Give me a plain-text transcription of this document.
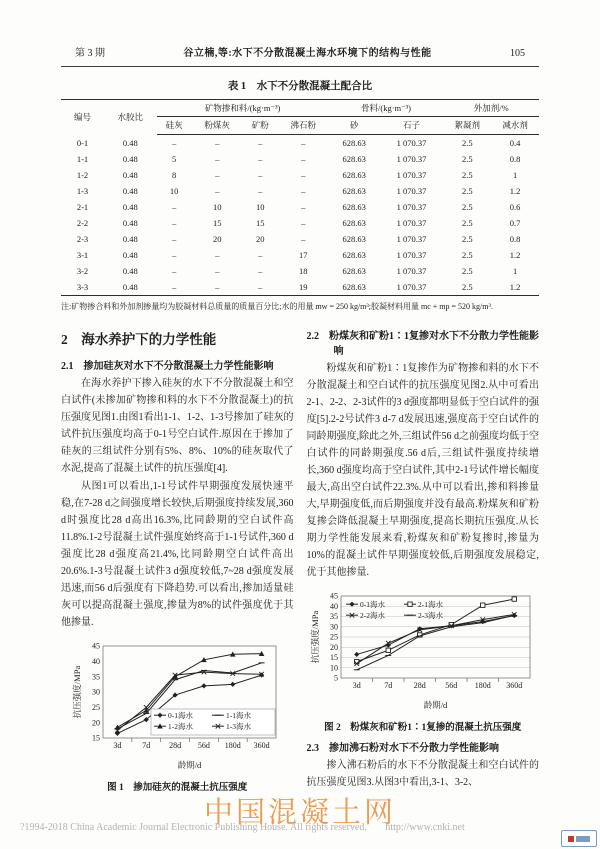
第 3 期	谷立楠,等:水下不分散混凝土海水环境下的结构与性能	105
表 1　水下不分散混凝土配合比
编号	水胶比	矿物掺和料/(kg·m⁻³)				骨料/(kg·m⁻³)		外加剂/%	
		硅灰	粉煤灰	矿粉	沸石粉	砂	石子	絮凝剂	减水剂
0-1	0.48	–	–	–	–	628.63	1 070.37	2.5	0.4
1-1	0.48	5	–	–	–	628.63	1 070.37	2.5	0.8
1-2	0.48	8	–	–	–	628.63	1 070.37	2.5	1
1-3	0.48	10	–	–	–	628.63	1 070.37	2.5	1.2
2-1	0.48	–	10	10	–	628.63	1 070.37	2.5	0.6
2-2	0.48	–	15	15	–	628.63	1 070.37	2.5	0.7
2-3	0.48	–	20	20	–	628.63	1 070.37	2.5	0.8
3-1	0.48	–	–	–	17	628.63	1 070.37	2.5	1.2
3-2	0.48	–	–	–	18	628.63	1 070.37	2.5	1
3-3	0.48	–	–	–	19	628.63	1 070.37	2.5	1.2
注:矿物掺合料和外加剂掺量均为胶凝材料总质量的质量百分比;水的用量 mw = 250 kg/m³;胶凝材料用量 mc + mp = 520 kg/m³.
2　海水养护下的力学性能
2.1　掺加硅灰对水下不分散混凝土力学性能影响

在海水养护下掺入硅灰的水下不分散混凝土和空白试件(未掺加矿物掺和料的水下不分散混凝土)的抗压强度见图1.由图1看出1-1、1-2、1-3号掺加了硅灰的试件抗压强度均高于0-1号空白试件.原因在于掺加了硅灰的三组试件分别有5%、8%、10%的硅灰取代了水泥,提高了混凝土试件的抗压强度[4].

从图1可以看出,1-1号试件早期强度发展快速平稳,在7-28 d之间强度增长较快,后期强度持续发展,360 d时强度比28 d高出16.3%,比同龄期的空白试件高11.8%.1-2号混凝土试件强度始终高于1-1号试件,360 d强度比28 d强度高21.4%,比同龄期空白试件高出20.6%.1-3号混凝土试件3 d强度较低,7~28 d强度发展迅速,而56 d后强度有下降趋势.可以看出,掺加适量硅灰可以提高混凝土强度,掺量为8%的试件强度优于其他掺量.

15
20
25
30
35
40
45
3d	7d 28d 56d 180d 360d
抗压强度/MPa
龄期/d
0-1海水	1-1海水
1-2海水	1-3海水
图 1　掺加硅灰的混凝土抗压强度
2.2　粉煤灰和矿粉1∶1复掺对水下不分散力学性能影响

粉煤灰和矿粉1∶1复掺作为矿物掺和料的水下不分散混凝土和空白试件的抗压强度见图2.从中可看出2-1、2-2、2-3试件的3 d强度都明显低于空白试件的强度[5].2-2号试件3 d-7 d发展迅速,强度高于空白试件的同龄期强度,除此之外,三组试件56 d之前强度均低于空白试件的同龄期强度.56 d后,三组试件强度持续增长,360 d强度均高于空白试件,其中2-1号试件增长幅度最大,高出空白试件22.3%.从中可以看出,掺和料掺量大,早期强度低,而后期强度并没有最高.粉煤灰和矿粉复掺会降低混凝土早期强度,提高长期抗压强度.从长期力学性能发展来看,粉煤灰和矿粉复掺时,掺量为10%的混凝土试件早期强度较低,后期强度发展稳定,优于其他掺量.

5
10
15
20
25
30
35
40
45
3d	7d	28d 56d 180d 360d
抗压强度/MPa
龄期/d
0-1海水	2-1海水
2-2海水	2-3海水
图 2　粉煤灰和矿粉1∶1复掺的混凝土抗压强度
2.3　掺加沸石粉对水下不分散力学性能影响

掺入沸石粉后的水下不分散混凝土和空白试件的抗压强度见图3.从图3中看出,3-1、3-2、

中国混凝土网
?1994-2018 China Academic Journal Electronic Publishing House. All rights reserved. http://www.cnki.net
